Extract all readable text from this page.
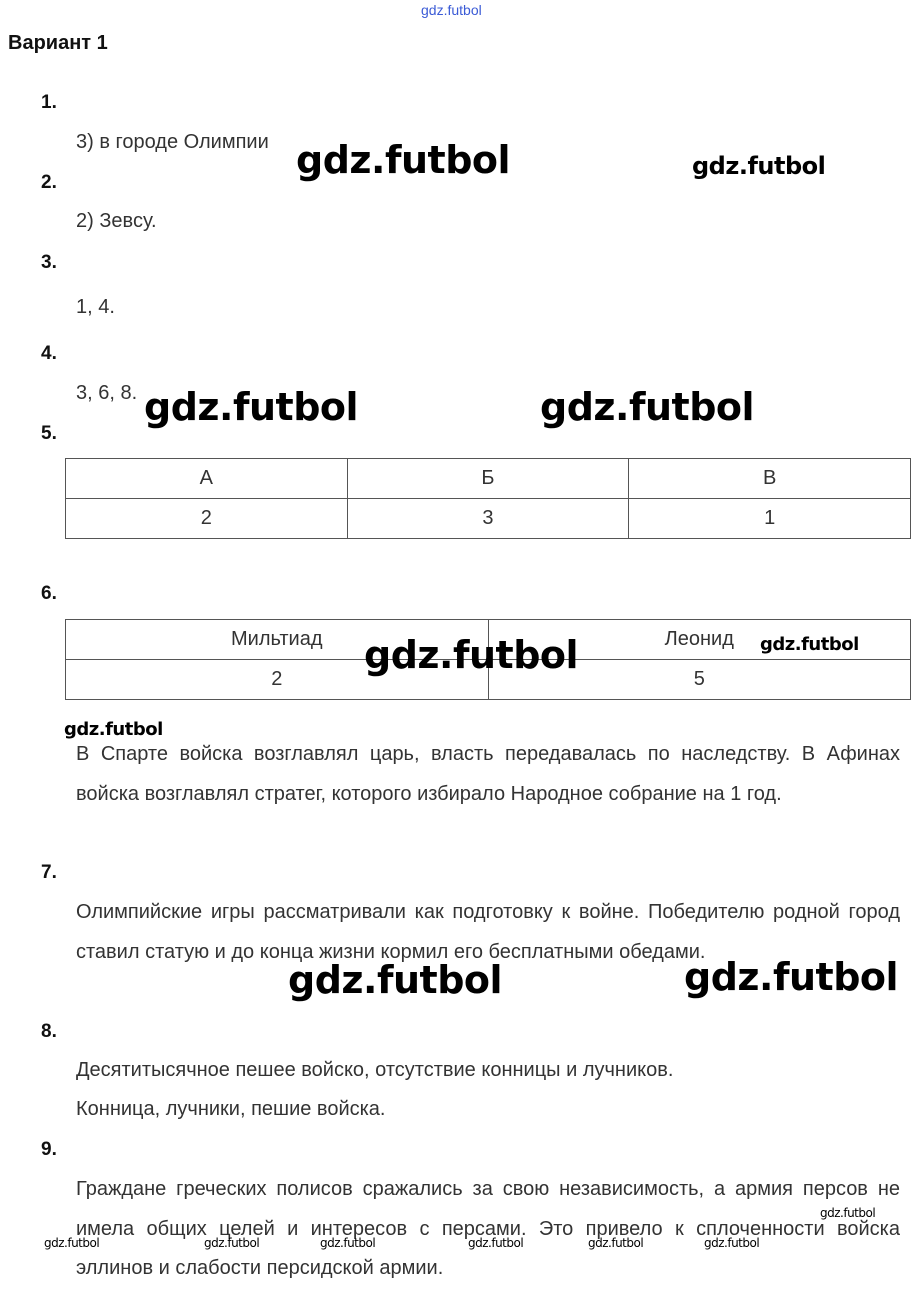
gdz.futbol
Вариант 1
1.
3) в городе Олимпии
2.
2) Зевсу.
3.
1, 4.
4.
3, 6, 8.
5.
А	Б	В
2	3	1
6.
Мильтиад	Леонид
2	5
В Спарте войска возглавлял царь, власть передавалась по наследству. В Афинах войска возглавлял стратег, которого избирало Народное собрание на 1 год.
7.
Олимпийские игры рассматривали как подготовку к войне. Победителю родной город ставил статую и до конца жизни кормил его бесплатными обедами.
8.
Десятитысячное пешее войско, отсутствие конницы и лучников.
Конница, лучники, пешие войска.
9.
Граждане греческих полисов сражались за свою независимость, а армия персов не имела общих целей и интересов с персами. Это привело к сплоченности войска эллинов и слабости персидской армии.
gdz.futbol	gdz.futbol
gdz.futbol	gdz.futbol
gdz.futbol	gdz.futbol
gdz.futbol
gdz.futbol	gdz.futbol
gdz.futbol
gdz.futbol	gdz.futbol	gdz.futbol	gdz.futbol	gdz.futbol	gdz.futbol
